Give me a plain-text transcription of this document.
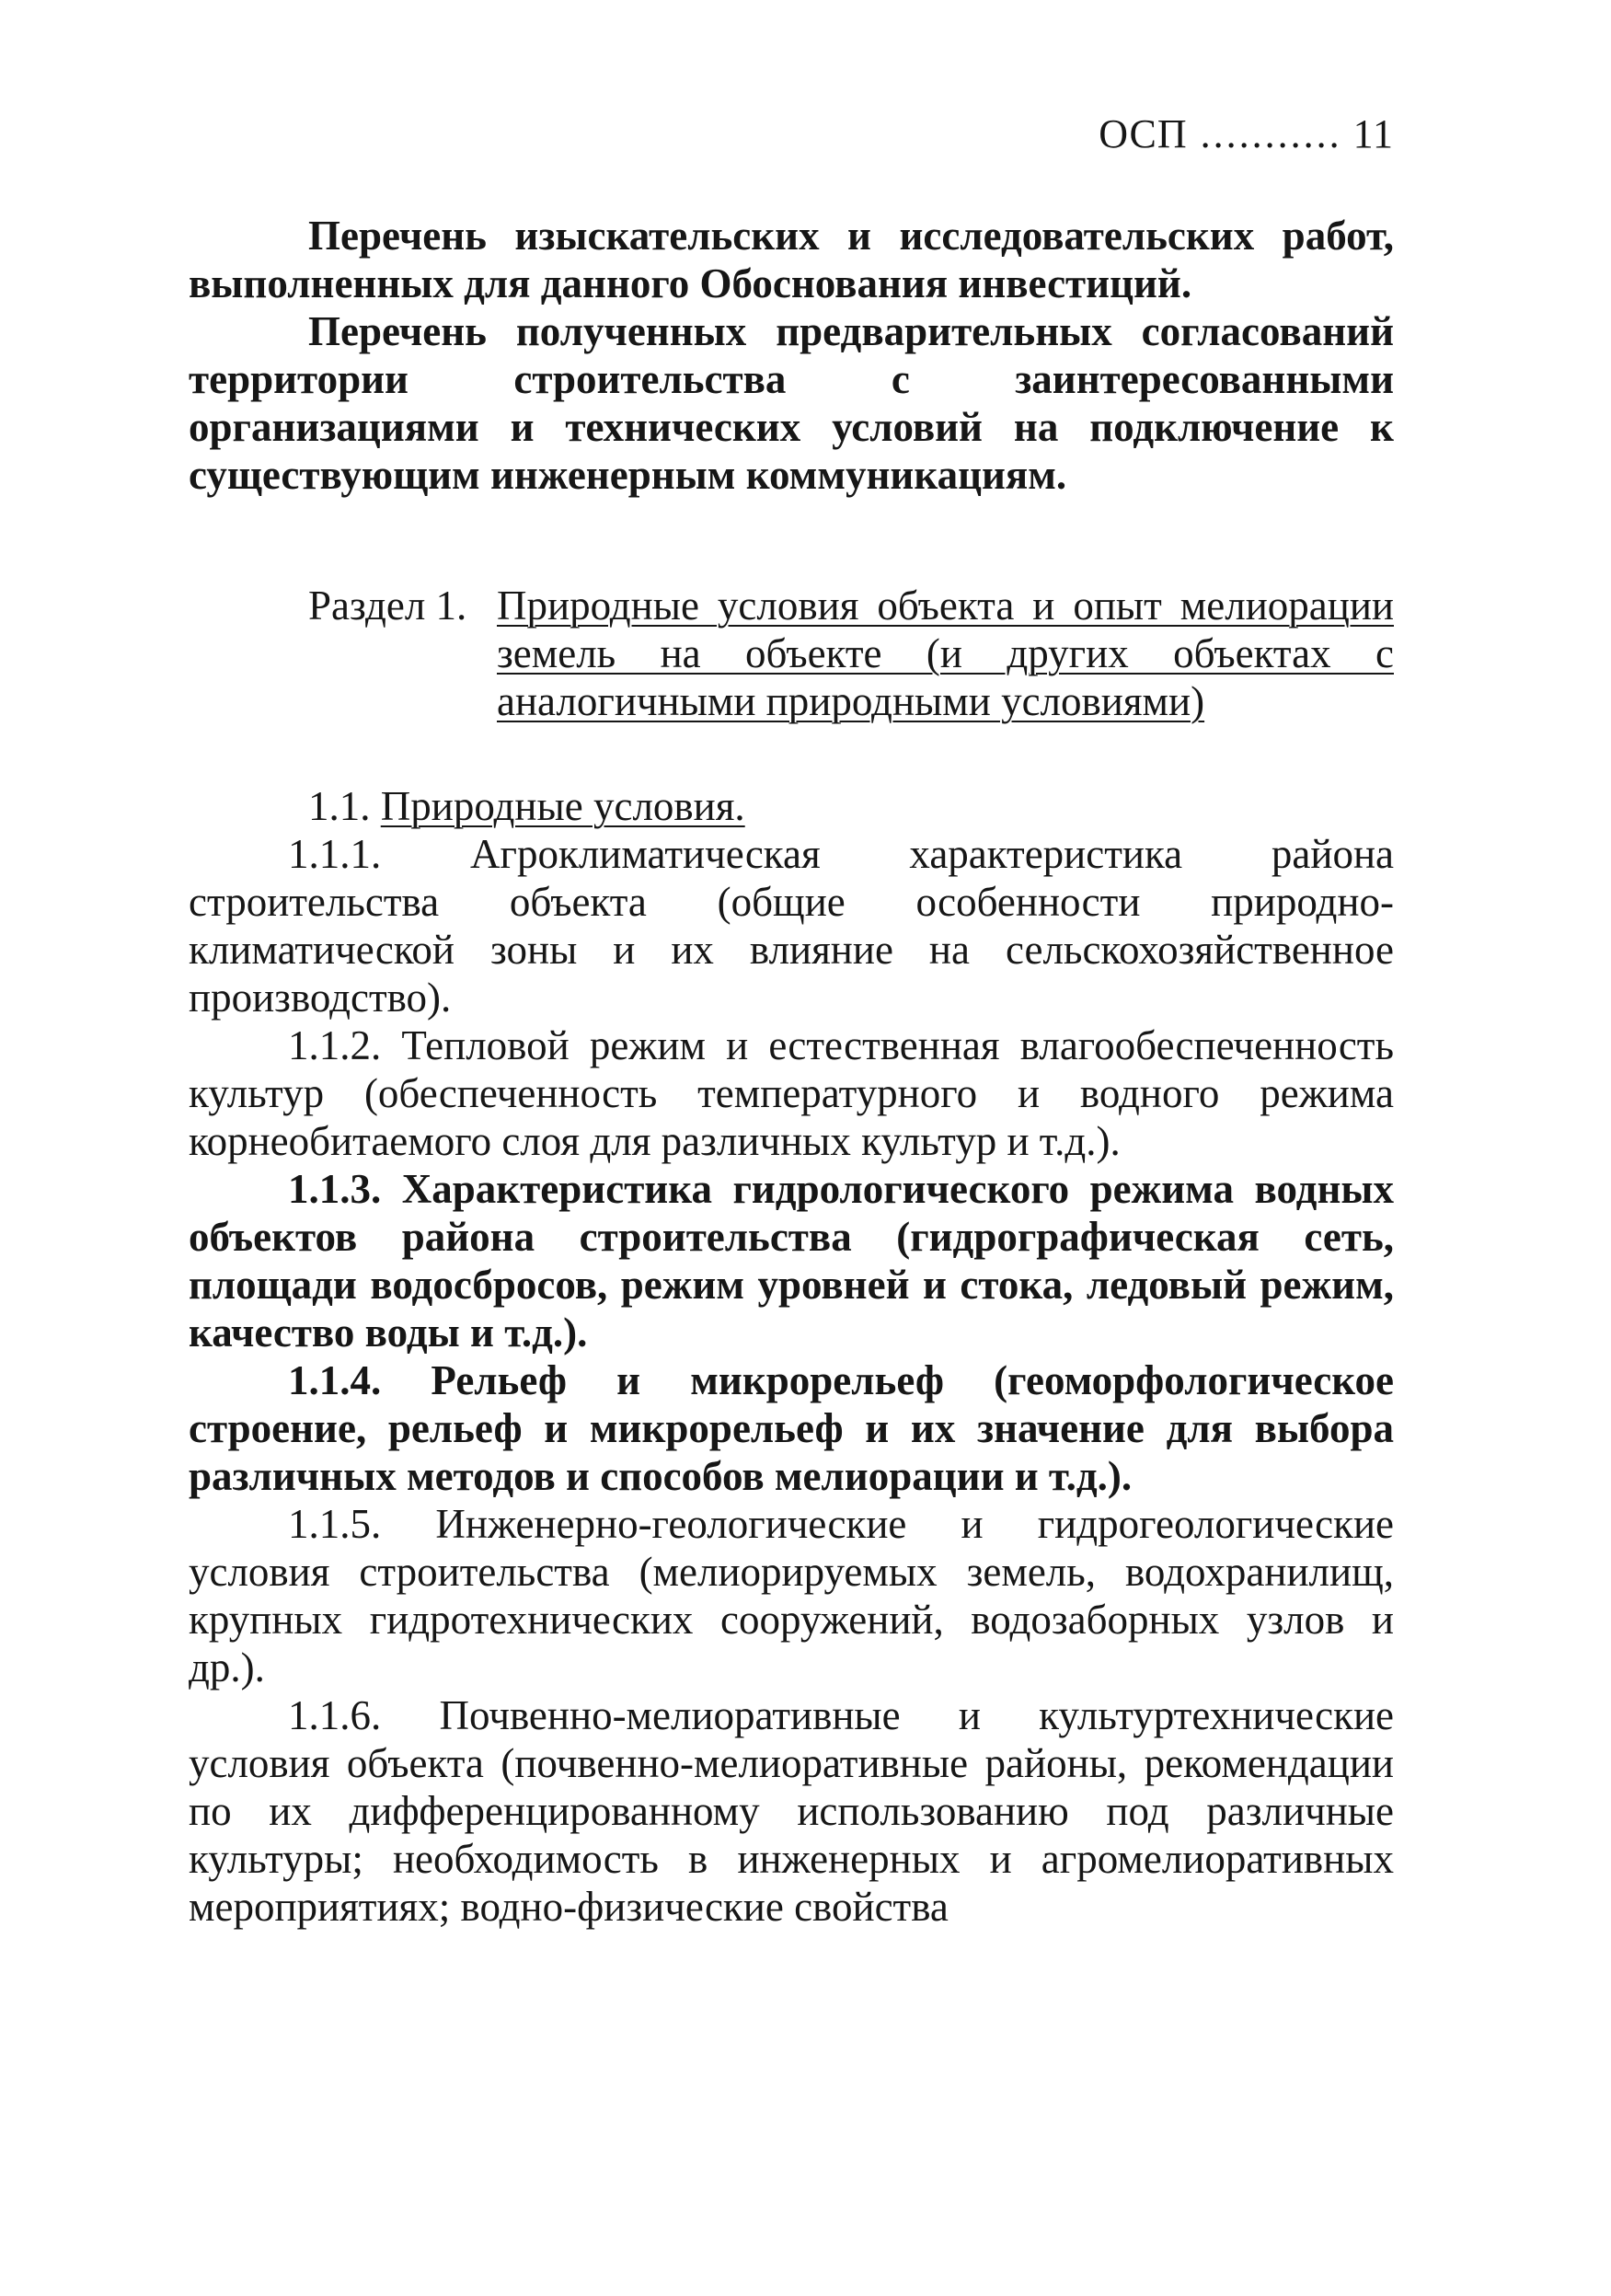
ОСП ........... 11

Перечень изыскательских и исследовательских работ, выполненных для данного Обоснования инвестиций.

Перечень полученных предварительных согласований территории строительства с заинтересованными организациями и технических условий на подключение к существующим инженерным коммуникациям.

Раздел 1. Природные условия объекта и опыт мелиорации земель на объекте (и других объектах с аналогичными природными условиями)

1.1. Природные условия.

1.1.1. Агроклиматическая характеристика района строительства объекта (общие особенности природно-климатической зоны и их влияние на сельскохозяйственное производство).

1.1.2. Тепловой режим и естественная влагообеспеченность культур (обеспеченность температурного и водного режима корнеобитаемого слоя для различных культур и т.д.).

1.1.3. Характеристика гидрологического режима водных объектов района строительства (гидрографическая сеть, площади водосбросов, режим уровней и стока, ледовый режим, качество воды и т.д.).

1.1.4. Рельеф и микрорельеф (геоморфологическое строение, рельеф и микрорельеф и их значение для выбора различных методов и способов мелиорации и т.д.).

1.1.5. Инженерно-геологические и гидрогеологические условия строительства (мелиорируемых земель, водохранилищ, крупных гидротехнических сооружений, водозаборных узлов и др.).

1.1.6. Почвенно-мелиоративные и культуртехнические условия объекта (почвенно-мелиоративные районы, рекомендации по их дифференцированному использованию под различные культуры; необходимость в инженерных и агромелиоративных мероприятиях; водно-физические свойства
